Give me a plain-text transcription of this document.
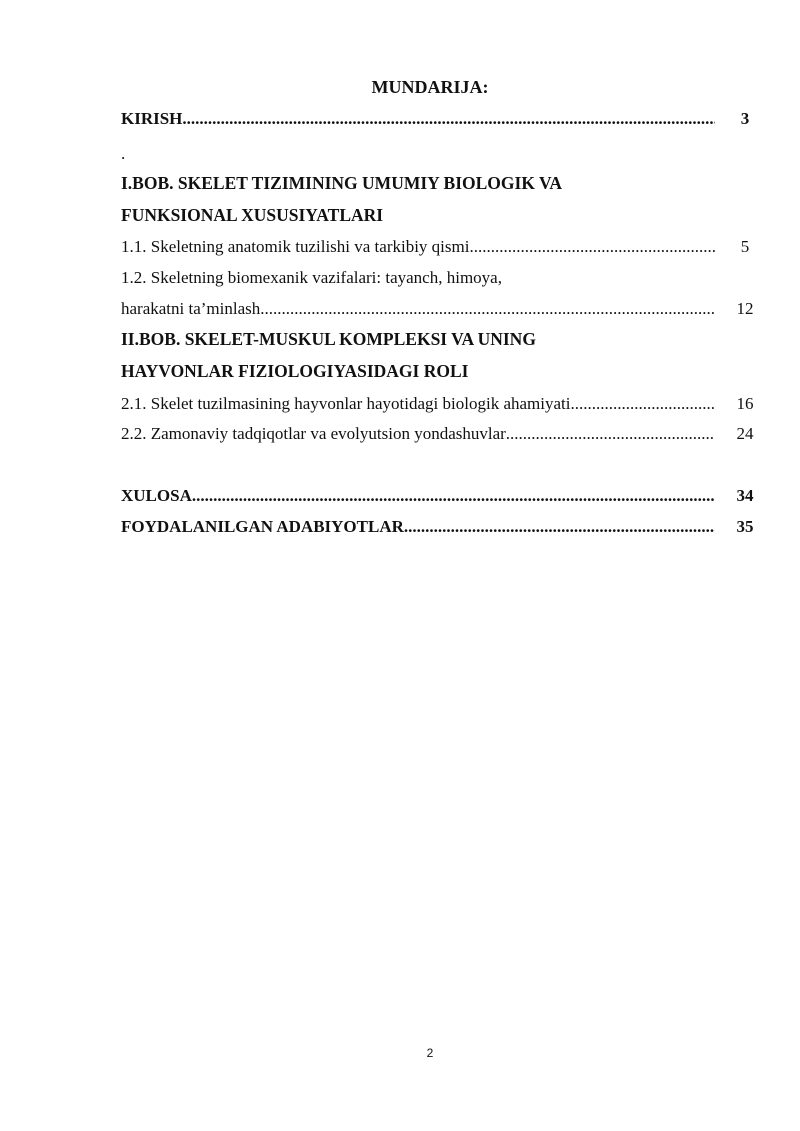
MUNDARIJA:
KIRISH .....	3
.
I.BOB. SKELET TIZIMINING UMUMIY BIOLOGIK VA
FUNKSIONAL XUSUSIYATLARI
1.1. Skeletning anatomik tuzilishi va tarkibiy qismi .....	5
1.2. Skeletning biomexanik vazifalari: tayanch, himoya,
harakatni ta’minlash .....	12
II.BOB. SKELET-MUSKUL KOMPLEKSI VA UNING
HAYVONLAR FIZIOLOGIYASIDAGI ROLI
2.1. Skelet tuzilmasining hayvonlar hayotidagi biologik ahamiyati .....	16
2.2. Zamonaviy tadqiqotlar va evolyutsion yondashuvlar .....	24
XULOSA .....	34
FOYDALANILGAN ADABIYOTLAR .....	35
2
